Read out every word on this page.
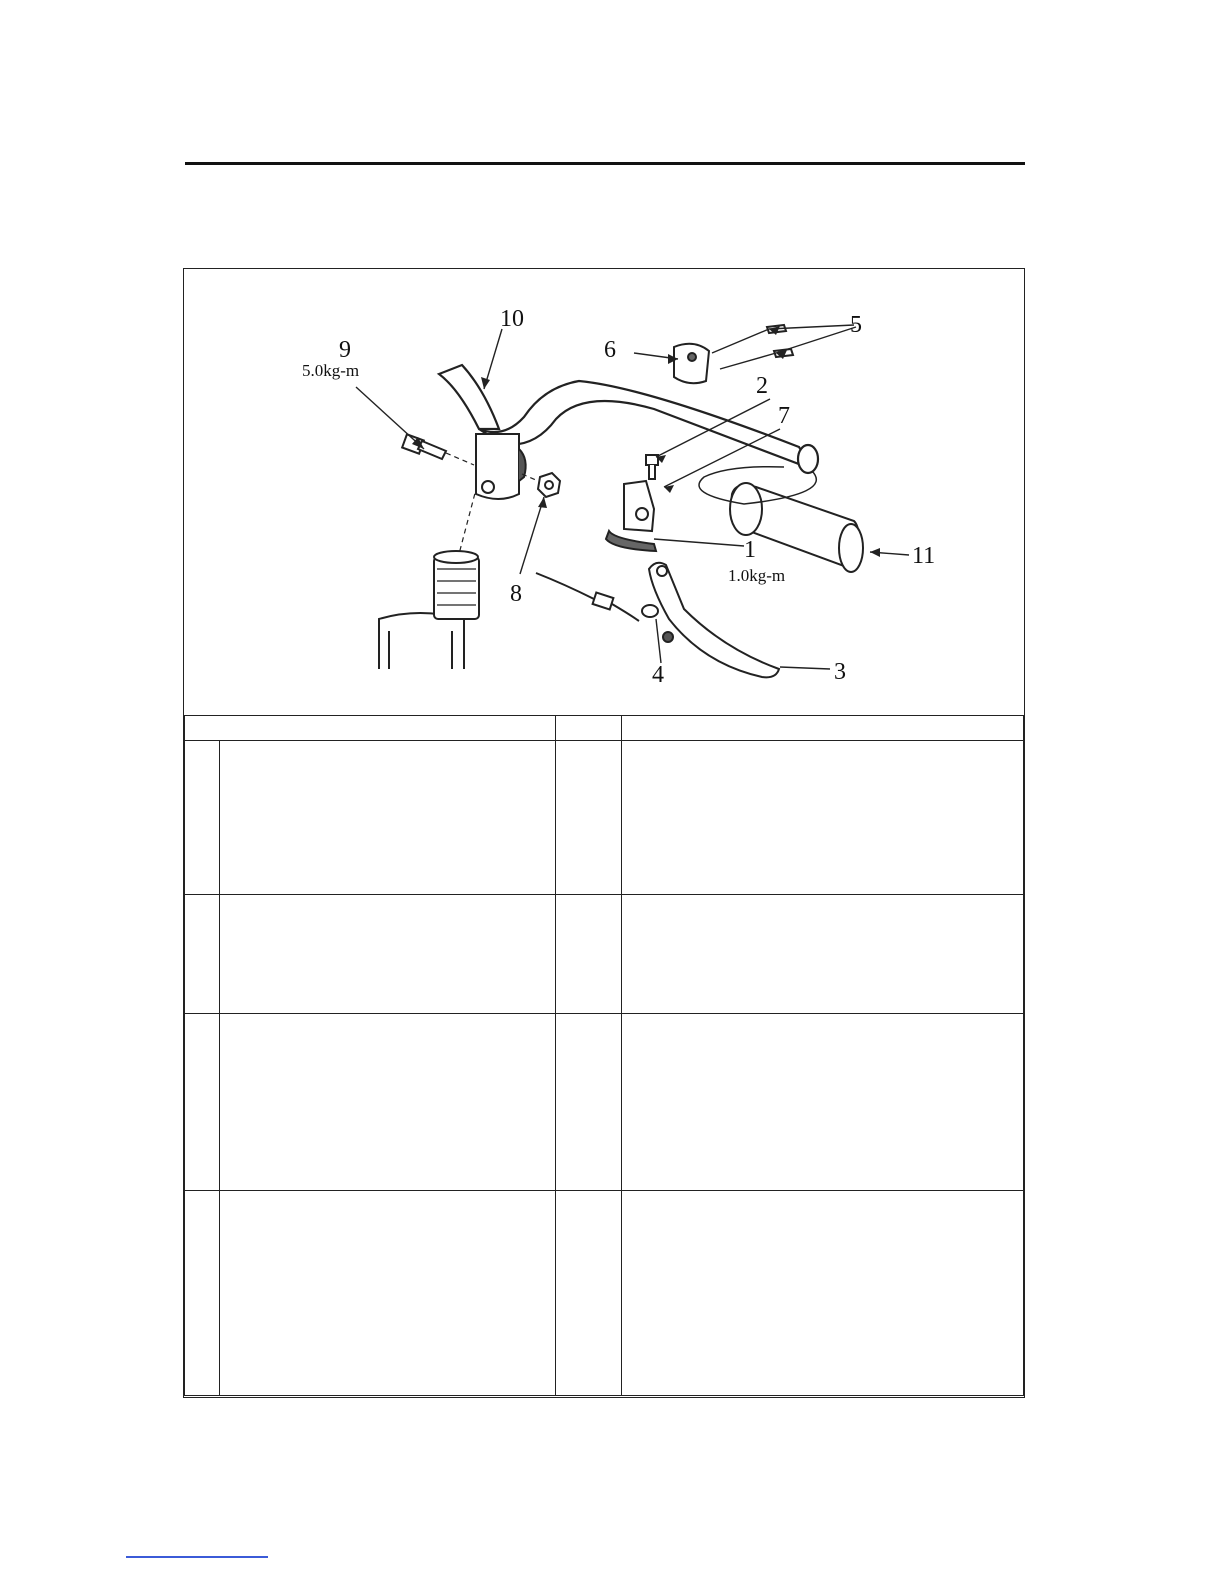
9
5.0kg-m
10
6
5
2
7
1
1.0kg-m
11
8
4	3
